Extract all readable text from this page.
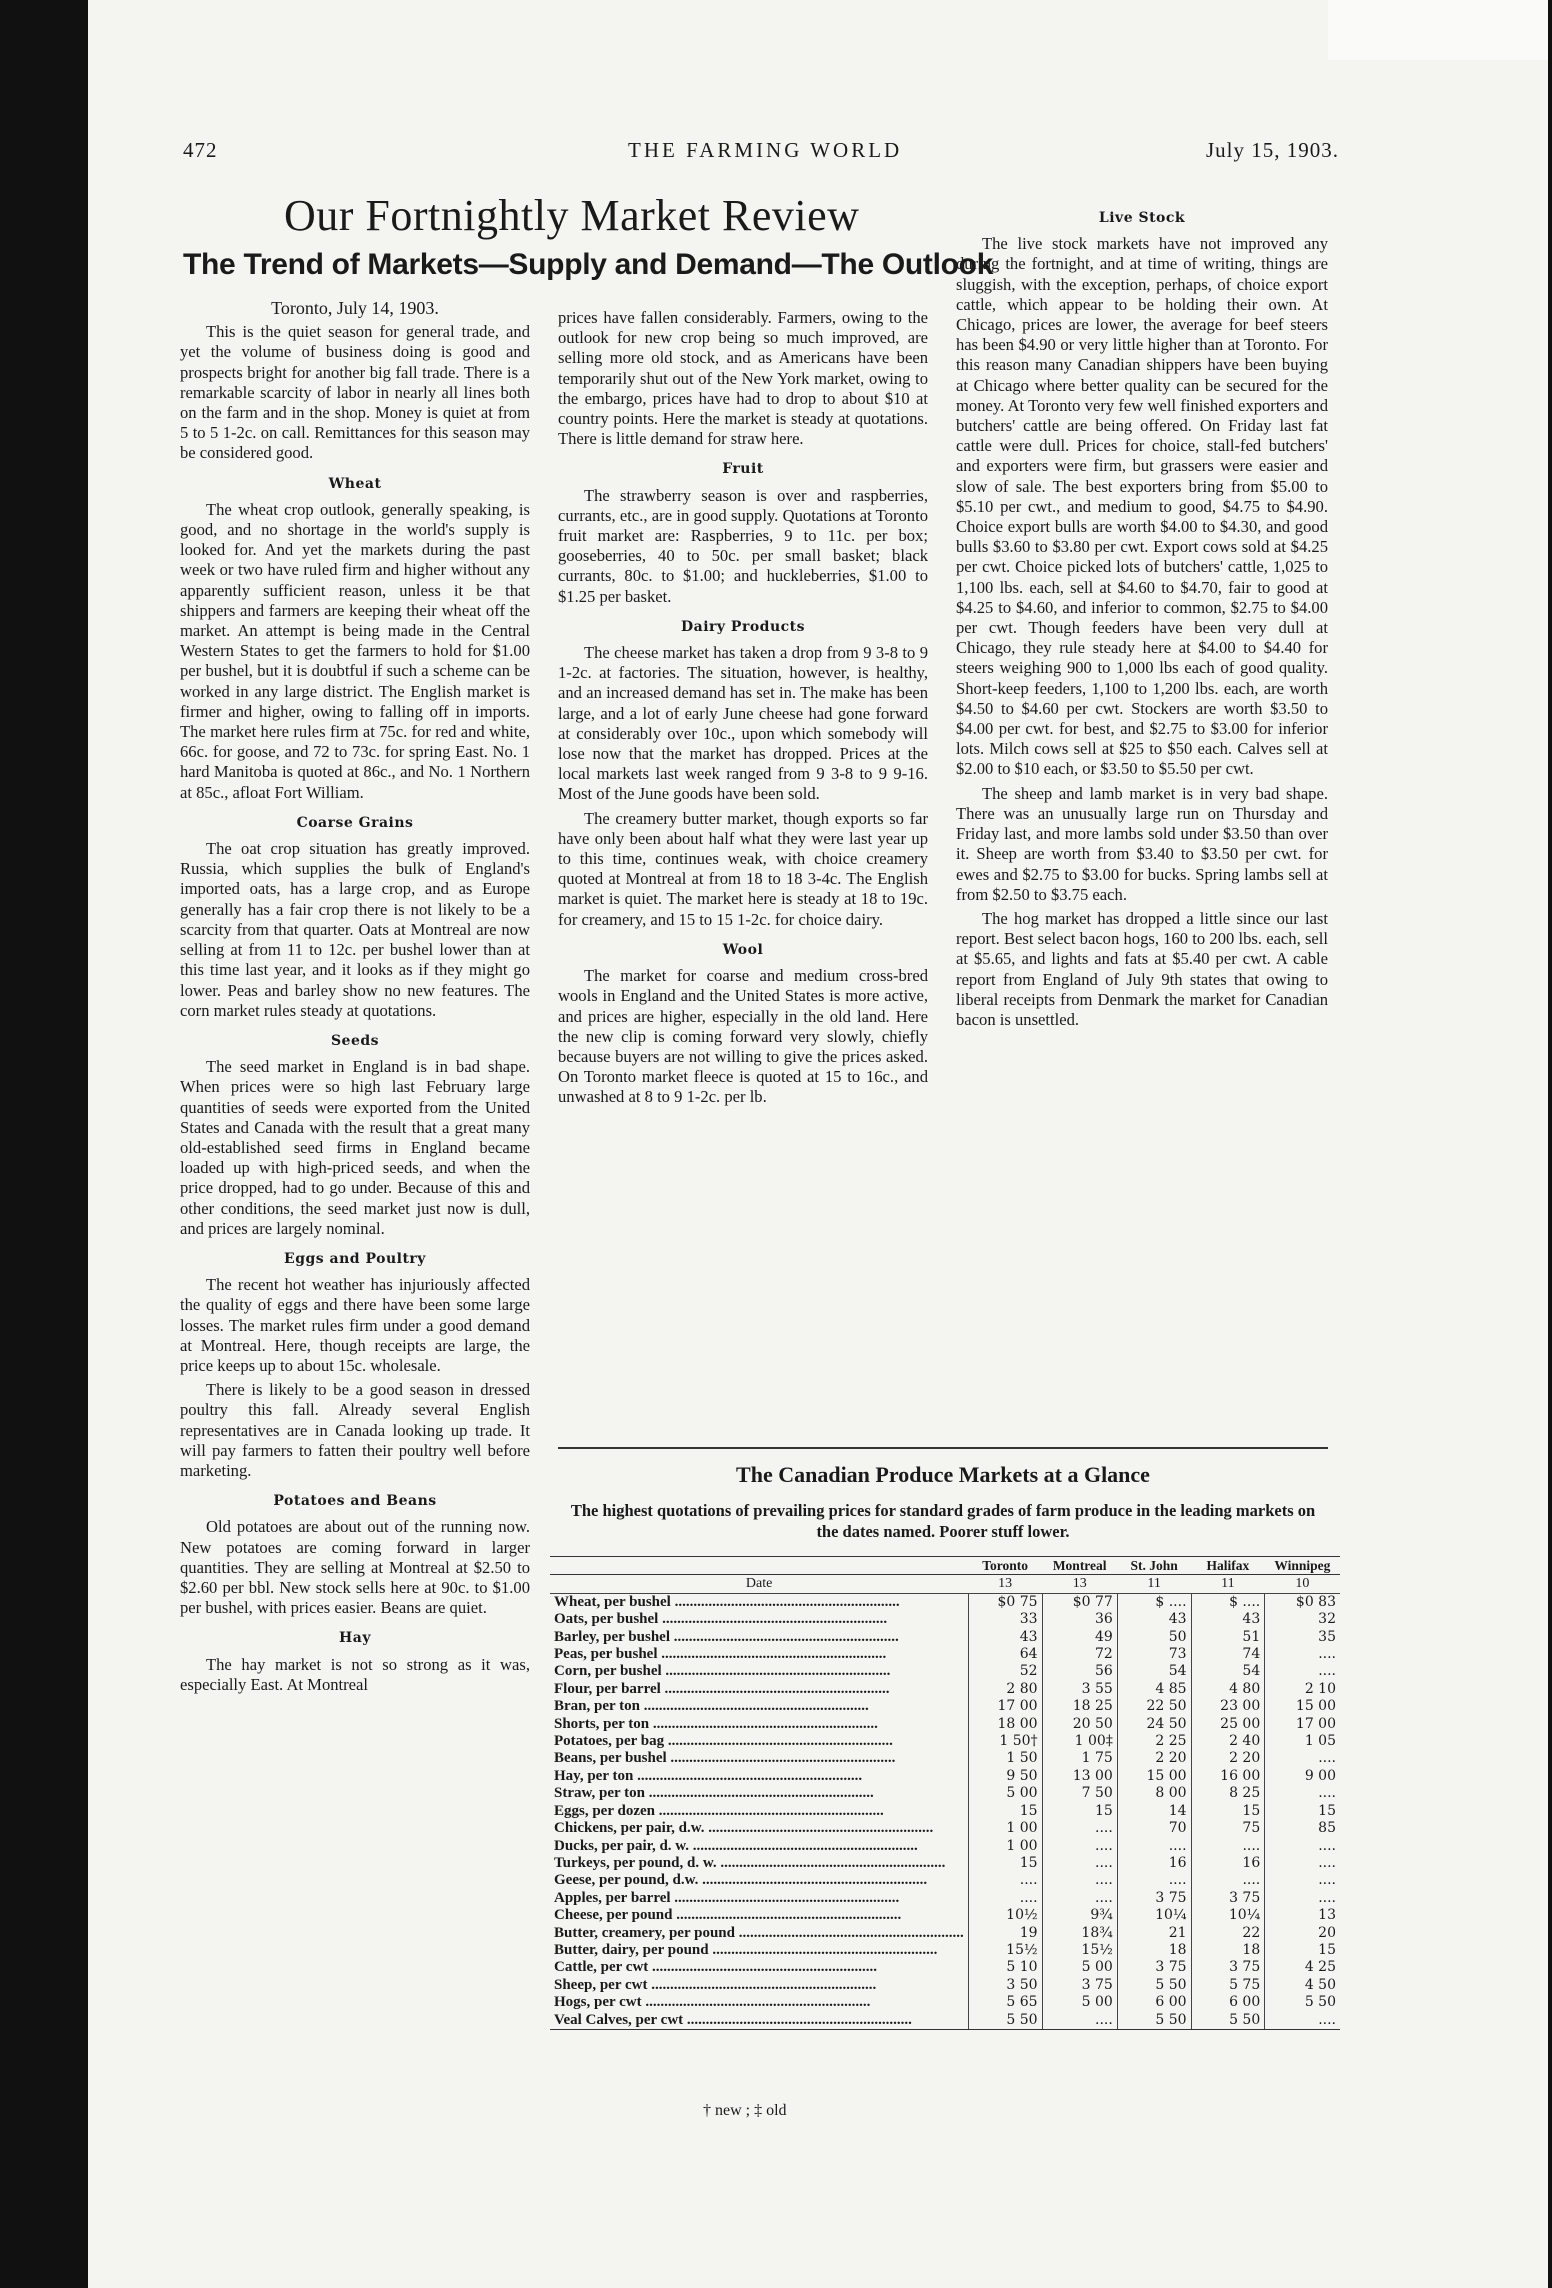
472	THE FARMING WORLD	July 15, 1903.
Our Fortnightly Market Review
The Trend of Markets—Supply and Demand—The Outlook
Toronto, July 14, 1903.

This is the quiet season for general trade, and yet the volume of business doing is good and prospects bright for another big fall trade. There is a remarkable scarcity of labor in nearly all lines both on the farm and in the shop. Money is quiet at from 5 to 5 1-2c. on call. Remittances for this season may be considered good.

Wheat

The wheat crop outlook, generally speaking, is good, and no shortage in the world's supply is looked for. And yet the markets during the past week or two have ruled firm and higher without any apparently sufficient reason, unless it be that shippers and farmers are keeping their wheat off the market. An attempt is being made in the Central Western States to get the farmers to hold for $1.00 per bushel, but it is doubtful if such a scheme can be worked in any large district. The English market is firmer and higher, owing to falling off in imports. The market here rules firm at 75c. for red and white, 66c. for goose, and 72 to 73c. for spring East. No. 1 hard Manitoba is quoted at 86c., and No. 1 Northern at 85c., afloat Fort William.

Coarse Grains

The oat crop situation has greatly improved. Russia, which supplies the bulk of England's imported oats, has a large crop, and as Europe generally has a fair crop there is not likely to be a scarcity from that quarter. Oats at Montreal are now selling at from 11 to 12c. per bushel lower than at this time last year, and it looks as if they might go lower. Peas and barley show no new features. The corn market rules steady at quotations.

Seeds

The seed market in England is in bad shape. When prices were so high last February large quantities of seeds were exported from the United States and Canada with the result that a great many old-established seed firms in England became loaded up with high-priced seeds, and when the price dropped, had to go under. Because of this and other conditions, the seed market just now is dull, and prices are largely nominal.

Eggs and Poultry

The recent hot weather has injuriously affected the quality of eggs and there have been some large losses. The market rules firm under a good demand at Montreal. Here, though receipts are large, the price keeps up to about 15c. wholesale.

There is likely to be a good season in dressed poultry this fall. Already several English representatives are in Canada looking up trade. It will pay farmers to fatten their poultry well before marketing.

Potatoes and Beans

Old potatoes are about out of the running now. New potatoes are coming forward in larger quantities. They are selling at Montreal at $2.50 to $2.60 per bbl. New stock sells here at 90c. to $1.00 per bushel, with prices easier. Beans are quiet.

Hay

The hay market is not so strong as it was, especially East. At Montreal

prices have fallen considerably. Farmers, owing to the outlook for new crop being so much improved, are selling more old stock, and as Americans have been temporarily shut out of the New York market, owing to the embargo, prices have had to drop to about $10 at country points. Here the market is steady at quotations. There is little demand for straw here.

Fruit

The strawberry season is over and raspberries, currants, etc., are in good supply. Quotations at Toronto fruit market are: Raspberries, 9 to 11c. per box; gooseberries, 40 to 50c. per small basket; black currants, 80c. to $1.00; and huckleberries, $1.00 to $1.25 per basket.

Dairy Products

The cheese market has taken a drop from 9 3-8 to 9 1-2c. at factories. The situation, however, is healthy, and an increased demand has set in. The make has been large, and a lot of early June cheese had gone forward at considerably over 10c., upon which somebody will lose now that the market has dropped. Prices at the local markets last week ranged from 9 3-8 to 9 9-16. Most of the June goods have been sold.

The creamery butter market, though exports so far have only been about half what they were last year up to this time, continues weak, with choice creamery quoted at Montreal at from 18 to 18 3-4c. The English market is quiet. The market here is steady at 18 to 19c. for creamery, and 15 to 15 1-2c. for choice dairy.

Wool

The market for coarse and medium cross-bred wools in England and the United States is more active, and prices are higher, especially in the old land. Here the new clip is coming forward very slowly, chiefly because buyers are not willing to give the prices asked. On Toronto market fleece is quoted at 15 to 16c., and unwashed at 8 to 9 1-2c. per lb.

Live Stock

The live stock markets have not improved any during the fortnight, and at time of writing, things are sluggish, with the exception, perhaps, of choice export cattle, which appear to be holding their own. At Chicago, prices are lower, the average for beef steers has been $4.90 or very little higher than at Toronto. For this reason many Canadian shippers have been buying at Chicago where better quality can be secured for the money. At Toronto very few well finished exporters and butchers' cattle are being offered. On Friday last fat cattle were dull. Prices for choice, stall-fed butchers' and exporters were firm, but grassers were easier and slow of sale. The best exporters bring from $5.00 to $5.10 per cwt., and medium to good, $4.75 to $4.90. Choice export bulls are worth $4.00 to $4.30, and good bulls $3.60 to $3.80 per cwt. Export cows sold at $4.25 per cwt. Choice picked lots of butchers' cattle, 1,025 to 1,100 lbs. each, sell at $4.60 to $4.70, fair to good at $4.25 to $4.60, and inferior to common, $2.75 to $4.00 per cwt. Though feeders have been very dull at Chicago, they rule steady here at $4.00 to $4.40 for steers weighing 900 to 1,000 lbs each of good quality. Short-keep feeders, 1,100 to 1,200 lbs. each, are worth $4.50 to $4.60 per cwt. Stockers are worth $3.50 to $4.00 per cwt. for best, and $2.75 to $3.00 for inferior lots. Milch cows sell at $25 to $50 each. Calves sell at $2.00 to $10 each, or $3.50 to $5.50 per cwt.

The sheep and lamb market is in very bad shape. There was an unusually large run on Thursday and Friday last, and more lambs sold under $3.50 than over it. Sheep are worth from $3.40 to $3.50 per cwt. for ewes and $2.75 to $3.00 for bucks. Spring lambs sell at from $2.50 to $3.75 each.

The hog market has dropped a little since our last report. Best select bacon hogs, 160 to 200 lbs. each, sell at $5.65, and lights and fats at $5.40 per cwt. A cable report from England of July 9th states that owing to liberal receipts from Denmark the market for Canadian bacon is unsettled.

The Canadian Produce Markets at a Glance
The highest quotations of prevailing prices for standard grades of farm produce in the leading markets on the dates named. Poorer stuff lower.
	Toronto	Montreal	St. John	Halifax	Winnipeg
Date	13	13	11	11	10
Wheat, per bushel ............................................................	$0 75	$0 77	$ ....	$ ....	$0 83
Oats, per bushel ............................................................	33	36	43	43	32
Barley, per bushel ............................................................	43	49	50	51	35
Peas, per bushel ............................................................	64	72	73	74	....
Corn, per bushel ............................................................	52	56	54	54	....
Flour, per barrel ............................................................	2 80	3 55	4 85	4 80	2 10
Bran, per ton ............................................................	17 00	18 25	22 50	23 00	15 00
Shorts, per ton ............................................................	18 00	20 50	24 50	25 00	17 00
Potatoes, per bag ............................................................	1 50†	1 00‡	2 25	2 40	1 05
Beans, per bushel ............................................................	1 50	1 75	2 20	2 20	....
Hay, per ton ............................................................	9 50	13 00	15 00	16 00	9 00
Straw, per ton ............................................................	5 00	7 50	8 00	8 25	....
Eggs, per dozen ............................................................	15	15	14	15	15
Chickens, per pair, d.w. ............................................................	1 00	....	70	75	85
Ducks, per pair, d. w. ............................................................	1 00	....	....	....	....
Turkeys, per pound, d. w. ............................................................	15	....	16	16	....
Geese, per pound, d.w. ............................................................	....	....	....	....	....
Apples, per barrel ............................................................	....	....	3 75	3 75	....
Cheese, per pound ............................................................	10½	9¾	10¼	10¼	13
Butter, creamery, per pound ............................................................	19	18¾	21	22	20
Butter, dairy, per pound ............................................................	15½	15½	18	18	15
Cattle, per cwt ............................................................	5 10	5 00	3 75	3 75	4 25
Sheep, per cwt ............................................................	3 50	3 75	5 50	5 75	4 50
Hogs, per cwt ............................................................	5 65	5 00	6 00	6 00	5 50
Veal Calves, per cwt ............................................................	5 50	....	5 50	5 50	....
† new ; ‡ old
